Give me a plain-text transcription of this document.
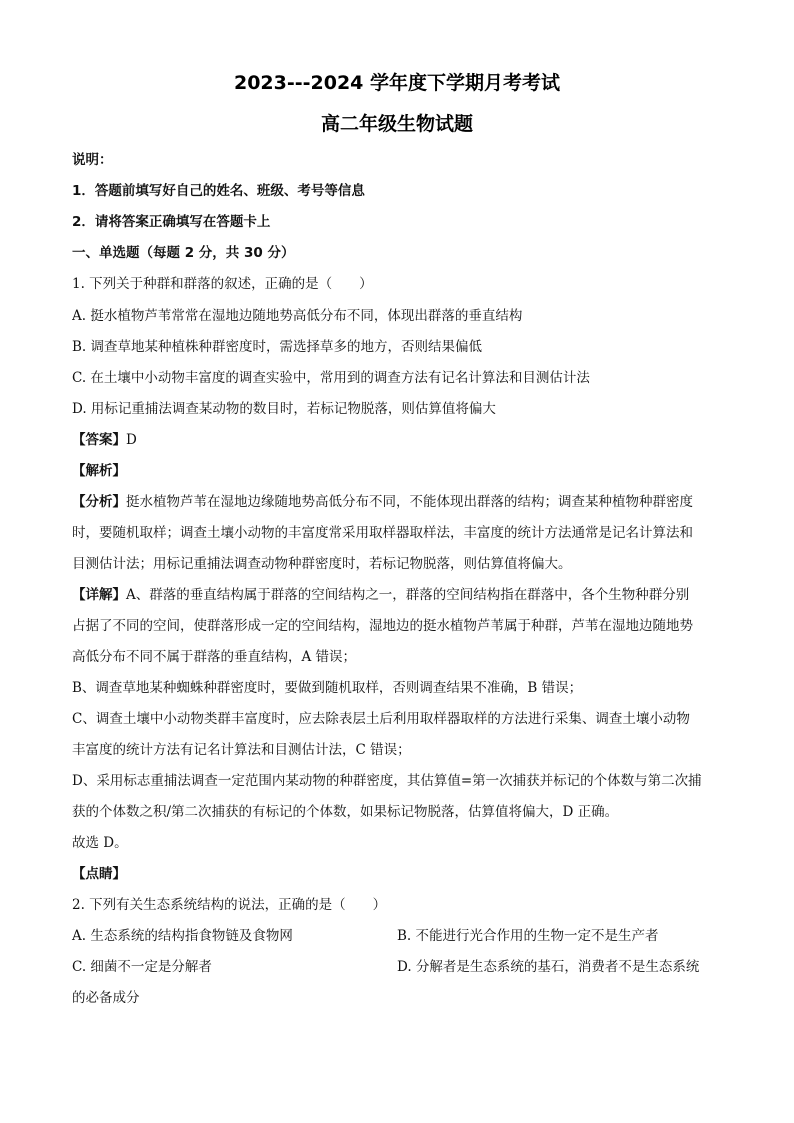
2023---2024 学年度下学期月考考试
高二年级生物试题
说明：
1．答题前填写好自己的姓名、班级、考号等信息
2．请将答案正确填写在答题卡上
一、单选题（每题 2 分，共 30 分）
1. 下列关于种群和群落的叙述，正确的是（　　）
A. 挺水植物芦苇常常在湿地边随地势高低分布不同，体现出群落的垂直结构
B. 调查草地某种植株种群密度时，需选择草多的地方，否则结果偏低
C. 在土壤中小动物丰富度的调查实验中，常用到的调查方法有记名计算法和目测估计法
D. 用标记重捕法调查某动物的数目时，若标记物脱落，则估算值将偏大
【答案】D
【解析】
【分析】挺水植物芦苇在湿地边缘随地势高低分布不同，不能体现出群落的结构；调查某种植物种群密度
时，要随机取样；调查土壤小动物的丰富度常采用取样器取样法，丰富度的统计方法通常是记名计算法和
目测估计法；用标记重捕法调查动物种群密度时，若标记物脱落，则估算值将偏大。
【详解】A、群落的垂直结构属于群落的空间结构之一，群落的空间结构指在群落中，各个生物种群分别
占据了不同的空间，使群落形成一定的空间结构，湿地边的挺水植物芦苇属于种群，芦苇在湿地边随地势
高低分布不同不属于群落的垂直结构，A 错误；
B、调查草地某种蜘蛛种群密度时，要做到随机取样，否则调查结果不准确，B 错误；
C、调查土壤中小动物类群丰富度时，应去除表层土后利用取样器取样的方法进行采集、调查土壤小动物
丰富度的统计方法有记名计算法和目测估计法，C 错误；
D、采用标志重捕法调查一定范围内某动物的种群密度，其估算值=第一次捕获并标记的个体数与第二次捕
获的个体数之积/第二次捕获的有标记的个体数，如果标记物脱落，估算值将偏大，D 正确。
故选 D。
【点睛】
2. 下列有关生态系统结构的说法，正确的是（　　）
A. 生态系统的结构指食物链及食物网	B. 不能进行光合作用的生物一定不是生产者
C. 细菌不一定是分解者	D. 分解者是生态系统的基石，消费者不是生态系统
的必备成分
